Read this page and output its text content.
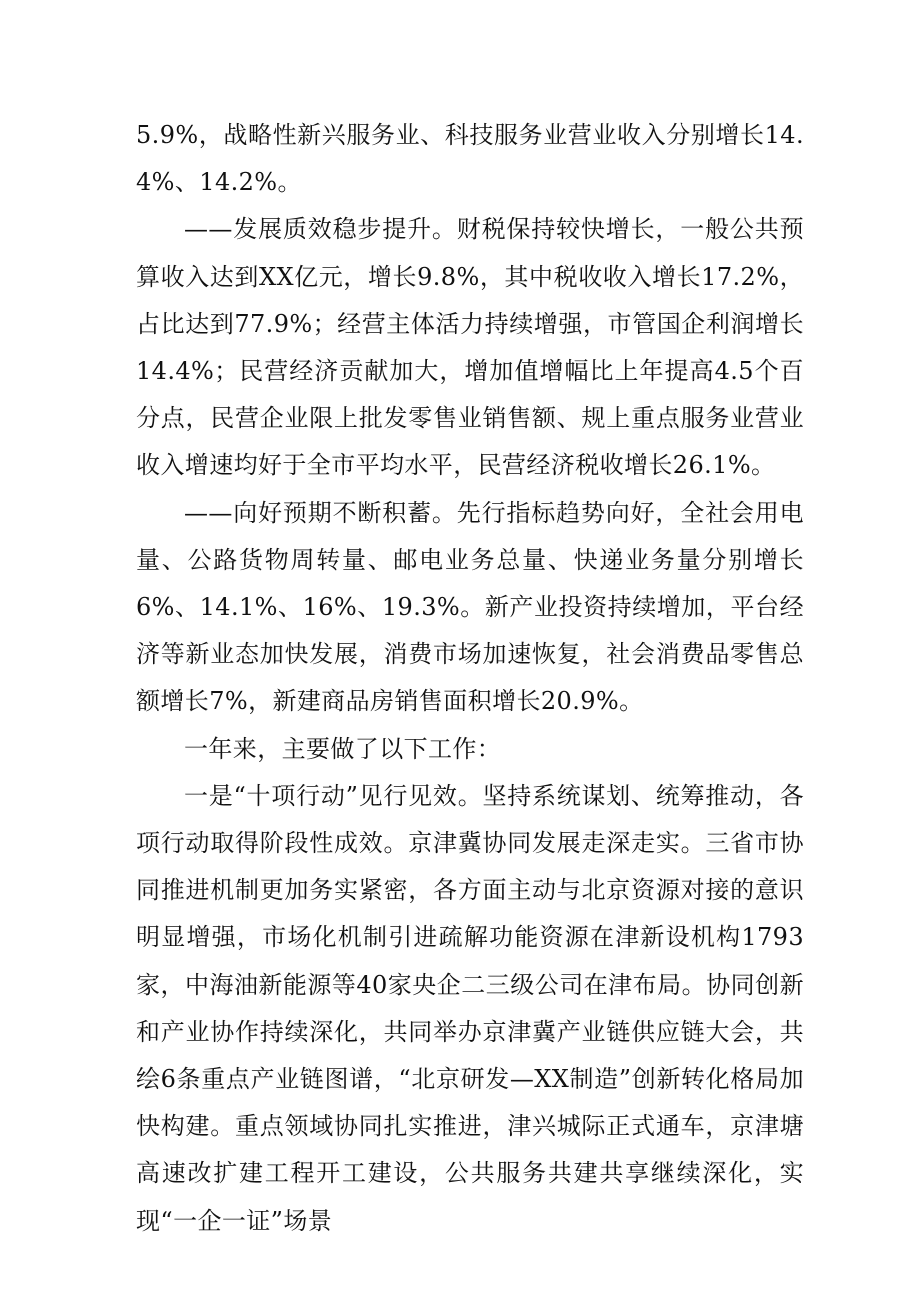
5.9%，战略性新兴服务业、科技服务业营业收入分别增长14.4%、14.2%。

——发展质效稳步提升。财税保持较快增长，一般公共预算收入达到XX亿元，增长9.8%，其中税收收入增长17.2%，占比达到77.9%；经营主体活力持续增强，市管国企利润增长14.4%；民营经济贡献加大，增加值增幅比上年提高4.5个百分点，民营企业限上批发零售业销售额、规上重点服务业营业收入增速均好于全市平均水平，民营经济税收增长26.1%。

——向好预期不断积蓄。先行指标趋势向好，全社会用电量、公路货物周转量、邮电业务总量、快递业务量分别增长6%、14.1%、16%、19.3%。新产业投资持续增加，平台经济等新业态加快发展，消费市场加速恢复，社会消费品零售总额增长7%，新建商品房销售面积增长20.9%。

一年来，主要做了以下工作：

一是“十项行动”见行见效。坚持系统谋划、统筹推动，各项行动取得阶段性成效。京津冀协同发展走深走实。三省市协同推进机制更加务实紧密，各方面主动与北京资源对接的意识明显增强，市场化机制引进疏解功能资源在津新设机构1793家，中海油新能源等40家央企二三级公司在津布局。协同创新和产业协作持续深化，共同举办京津冀产业链供应链大会，共绘6条重点产业链图谱，“北京研发—XX制造”创新转化格局加快构建。重点领域协同扎实推进，津兴城际正式通车，京津塘高速改扩建工程开工建设，公共服务共建共享继续深化，实现“一企一证”场景
